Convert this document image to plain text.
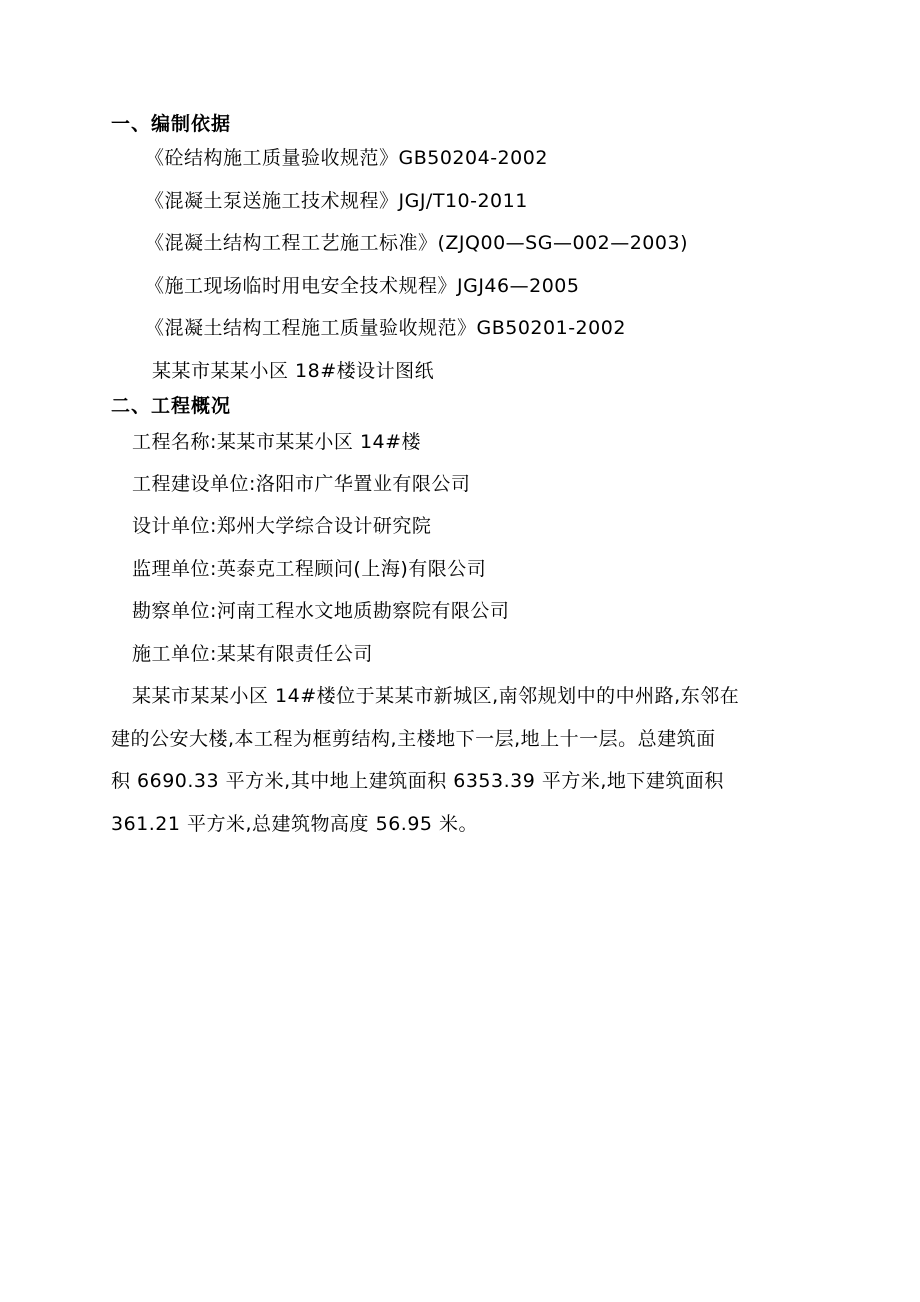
一、编制依据
《砼结构施工质量验收规范》GB50204-2002
《混凝土泵送施工技术规程》JGJ/T10-2011
《混凝土结构工程工艺施工标准》(ZJQ00—SG—002—2003)
《施工现场临时用电安全技术规程》JGJ46—2005
《混凝土结构工程施工质量验收规范》GB50201-2002
某某市某某小区 18#楼设计图纸
二、工程概况
工程名称:某某市某某小区 14#楼
工程建设单位:洛阳市广华置业有限公司
设计单位:郑州大学综合设计研究院
监理单位:英泰克工程顾问(上海)有限公司
勘察单位:河南工程水文地质勘察院有限公司
施工单位:某某有限责任公司
某某市某某小区 14#楼位于某某市新城区,南邻规划中的中州路,东邻在
建的公安大楼,本工程为框剪结构,主楼地下一层,地上十一层。总建筑面
积 6690.33 平方米,其中地上建筑面积 6353.39 平方米,地下建筑面积
361.21 平方米,总建筑物高度 56.95 米。
